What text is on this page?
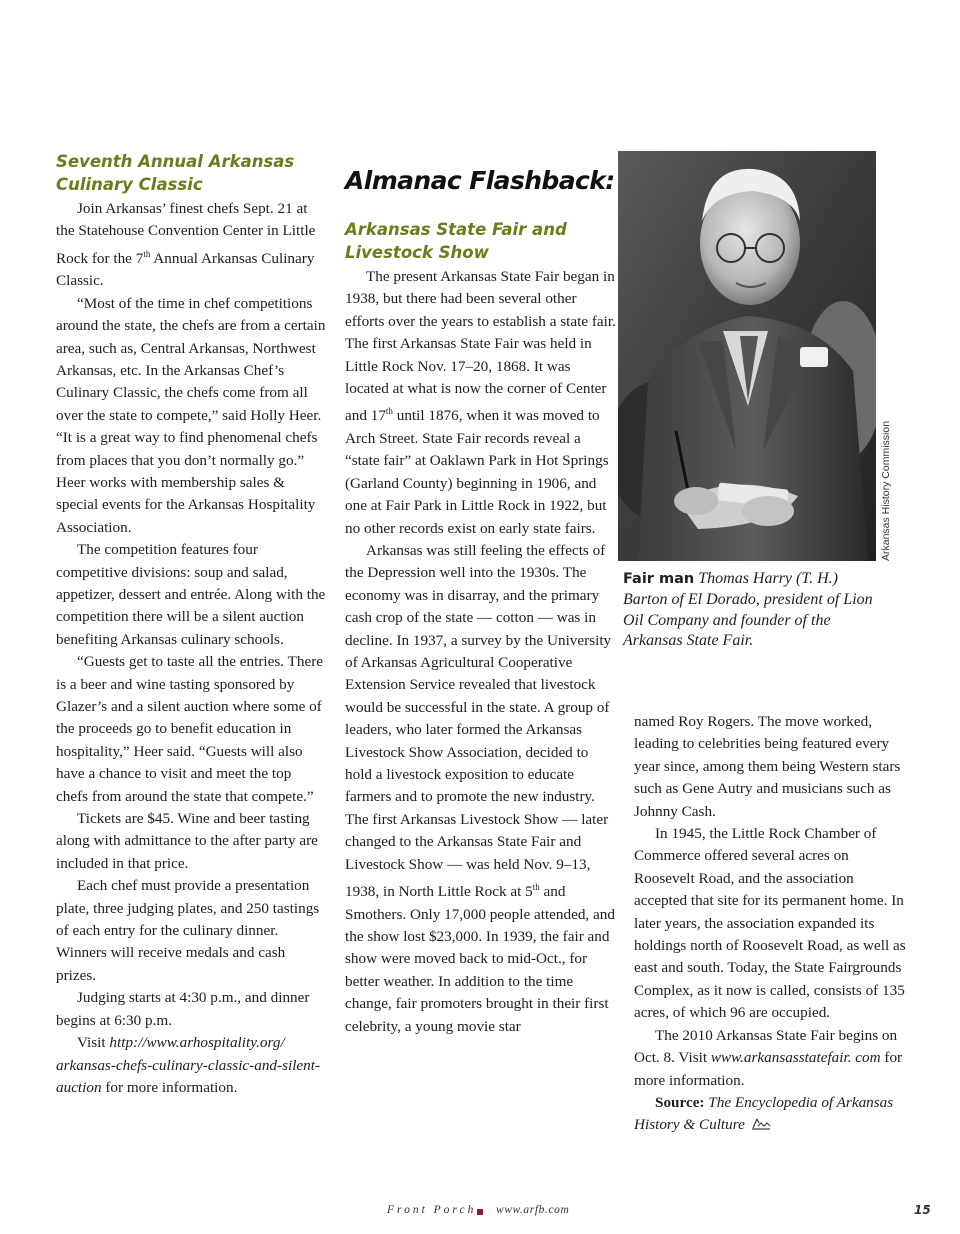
Seventh Annual Arkansas Culinary Classic

Join Arkansas’ finest chefs Sept. 21 at the Statehouse Convention Center in Little Rock for the 7th Annual Arkansas Culinary Classic.

“Most of the time in chef competitions around the state, the chefs are from a certain area, such as, Central Arkansas, Northwest Arkansas, etc. In the Arkansas Chef’s Culinary Classic, the chefs come from all over the state to compete,” said Holly Heer. “It is a great way to find phenomenal chefs from places that you don’t normally go.” Heer works with membership sales & special events for the Arkansas Hospitality Association.

The competition features four competitive divisions: soup and salad, appetizer, dessert and entrée. Along with the competition there will be a silent auction benefiting Arkansas culinary schools.

“Guests get to taste all the entries. There is a beer and wine tasting sponsored by Glazer’s and a silent auction where some of the proceeds go to benefit education in hospitality,” Heer said. “Guests will also have a chance to visit and meet the top chefs from around the state that compete.”

Tickets are $45. Wine and beer tasting along with admittance to the after party are included in that price.

Each chef must provide a presentation plate, three judging plates, and 250 tastings of each entry for the culinary dinner. Winners will receive medals and cash prizes.

Judging starts at 4:30 p.m., and dinner begins at 6:30 p.m.

Visit http://www.arhospitality.org/ arkansas-chefs-culinary-classic-and-silent-auction for more information.

Almanac Flashback:
Arkansas State Fair and Livestock Show

The present Arkansas State Fair began in 1938, but there had been several other efforts over the years to establish a state fair. The first Arkansas State Fair was held in Little Rock Nov. 17–20, 1868. It was located at what is now the corner of Center and 17th until 1876, when it was moved to Arch Street. State Fair records reveal a “state fair” at Oaklawn Park in Hot Springs (Garland County) beginning in 1906, and one at Fair Park in Little Rock in 1922, but no other records exist on early state fairs.

Arkansas was still feeling the effects of the Depression well into the 1930s. The economy was in disarray, and the primary cash crop of the state — cotton — was in decline. In 1937, a survey by the University of Arkansas Agricultural Cooperative Extension Service revealed that livestock would be successful in the state. A group of leaders, who later formed the Arkansas Livestock Show Association, decided to hold a livestock exposition to educate farmers and to promote the new industry. The first Arkansas Livestock Show — later changed to the Arkansas State Fair and Livestock Show — was held Nov. 9–13, 1938, in North Little Rock at 5th and Smothers. Only 17,000 people attended, and the show lost $23,000. In 1939, the fair and show were moved back to mid-Oct., for better weather. In addition to the time change, fair promoters brought in their first celebrity, a young movie star

Arkansas History Commission
Fair man Thomas Harry (T. H.) Barton of El Dorado, president of Lion Oil Company and founder of the Arkansas State Fair.

named Roy Rogers. The move worked, leading to celebrities being featured every year since, among them being Western stars such as Gene Autry and musicians such as Johnny Cash.

In 1945, the Little Rock Chamber of Commerce offered several acres on Roosevelt Road, and the association accepted that site for its permanent home. In later years, the association expanded its holdings north of Roosevelt Road, as well as east and south. Today, the State Fairgrounds Complex, as it now is called, consists of 135 acres, of which 96 are occupied.

The 2010 Arkansas State Fair begins on Oct. 8. Visit www.arkansasstatefair. com for more information.

Source: The Encyclopedia of Arkansas History & Culture

Front Porch www.arfb.com	15
